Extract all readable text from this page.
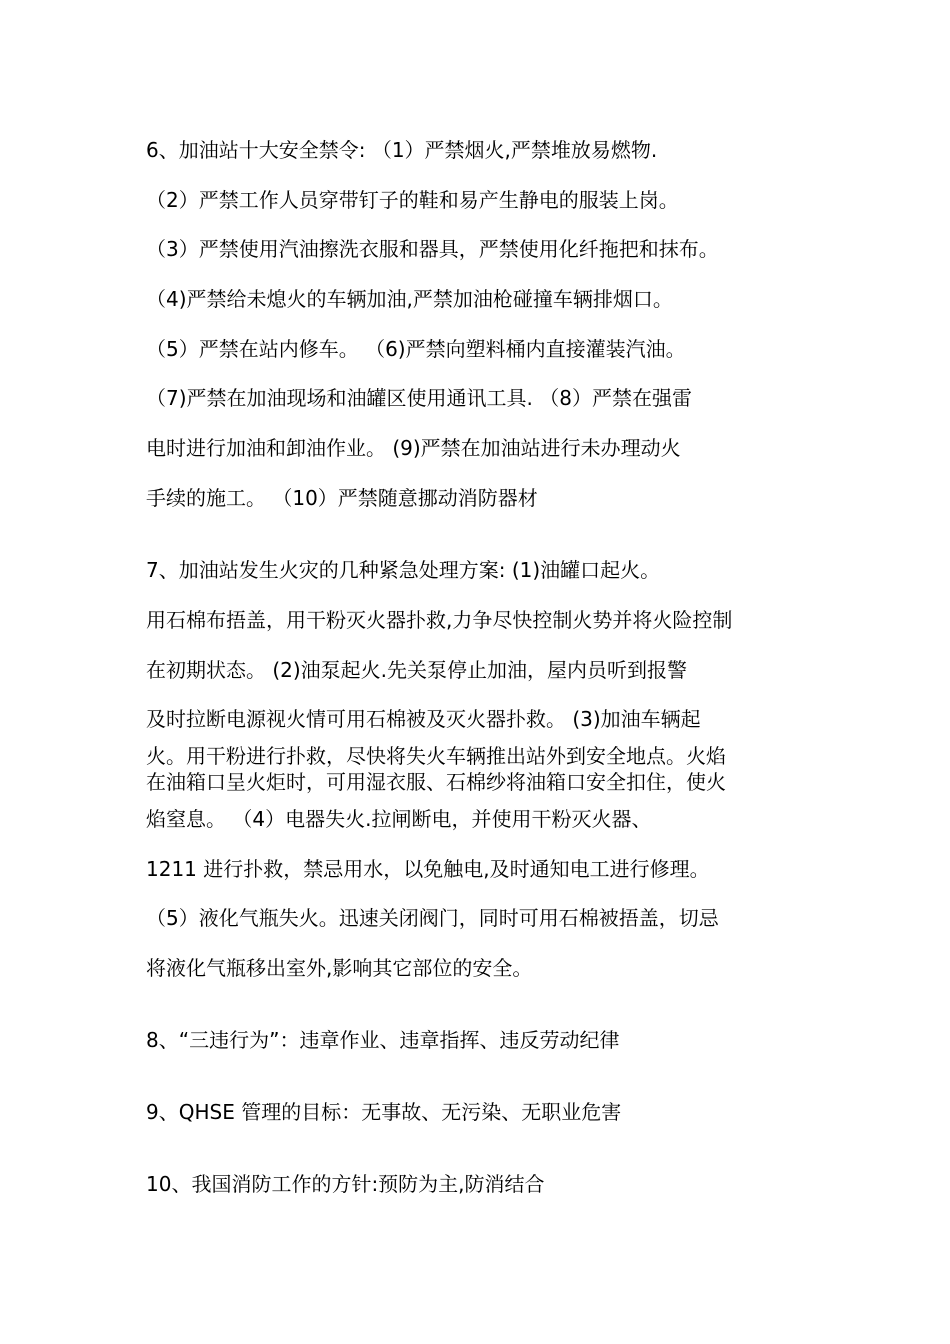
6、加油站十大安全禁令: （1）严禁烟火,严禁堆放易燃物.
（2）严禁工作人员穿带钉子的鞋和易产生静电的服装上岗。
（3）严禁使用汽油擦洗衣服和器具，严禁使用化纤拖把和抹布。
（4)严禁给未熄火的车辆加油,严禁加油枪碰撞车辆排烟口。
（5）严禁在站内修车。 （6)严禁向塑料桶内直接灌装汽油。
（7)严禁在加油现场和油罐区使用通讯工具. （8）严禁在强雷
电时进行加油和卸油作业。 (9)严禁在加油站进行未办理动火
手续的施工。 （10）严禁随意挪动消防器材
7、加油站发生火灾的几种紧急处理方案: (1)油罐口起火。
用石棉布捂盖，用干粉灭火器扑救,力争尽快控制火势并将火险控制
在初期状态。 (2)油泵起火.先关泵停止加油，屋内员听到报警
及时拉断电源视火情可用石棉被及灭火器扑救。 (3)加油车辆起
火。用干粉进行扑救，尽快将失火车辆推出站外到安全地点。火焰
在油箱口呈火炬时，可用湿衣服、石棉纱将油箱口安全扣住，使火
焰窒息。 （4）电器失火.拉闸断电，并使用干粉灭火器、
1211 进行扑救，禁忌用水，以免触电,及时通知电工进行修理。
（5）液化气瓶失火。迅速关闭阀门，同时可用石棉被捂盖，切忌
将液化气瓶移出室外,影响其它部位的安全。
8、“三违行为”：违章作业、违章指挥、违反劳动纪律
9、QHSE 管理的目标：无事故、无污染、无职业危害
10、我国消防工作的方针:预防为主,防消结合
